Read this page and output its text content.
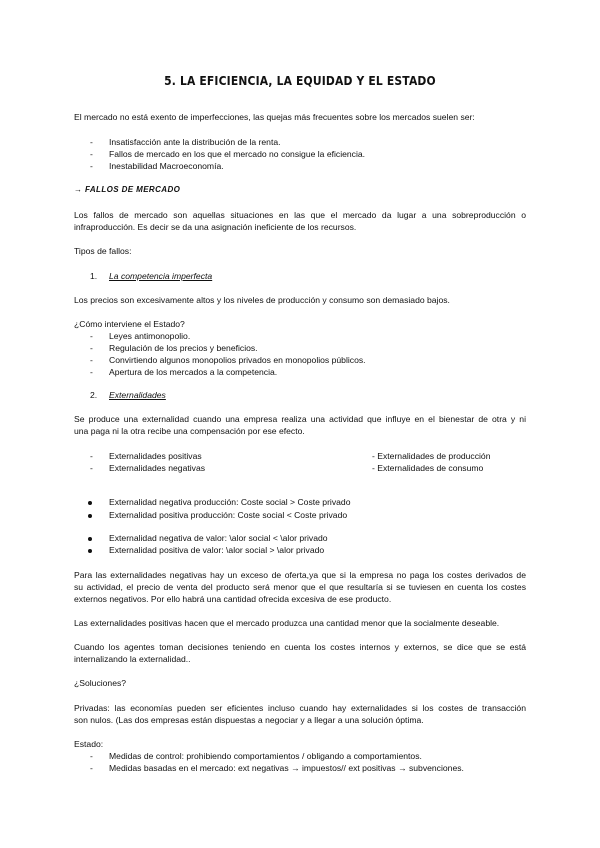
5. LA EFICIENCIA, LA EQUIDAD Y EL ESTADO
El mercado no está exento de imperfecciones, las quejas más frecuentes sobre los mercados suelen ser:
- Insatisfacción ante la distribución de la renta.
- Fallos de mercado en los que el mercado no consigue la eficiencia.
- Inestabilidad Macroeconomía.
→ FALLOS DE MERCADO
Los fallos de mercado son aquellas situaciones en las que el mercado da lugar a una sobreproducción o
infraproducción. Es decir se da una asignación ineficiente de los recursos.
Tipos de fallos:
1. La competencia imperfecta
Los precios son excesivamente altos y los niveles de producción y consumo son demasiado bajos.
¿Cómo interviene el Estado?
- Leyes antimonopolio.
- Regulación de los precios y beneficios.
- Convirtiendo algunos monopolios privados en monopolios públicos.
- Apertura de los mercados a la competencia.
2. Externalidades
Se produce una externalidad cuando una empresa realiza una actividad que influye en el bienestar de otra y ni
una paga ni la otra recibe una compensación por ese efecto.
- Externalidades positivas
- Externalidades negativas
- Externalidades de producción
- Externalidades de consumo
Externalidad negativa producción: Coste social > Coste privado
Externalidad positiva producción: Coste social < Coste privado
Externalidad negativa de valor: \alor social < \alor privado
Externalidad positiva de valor: \alor social > \alor privado
Para las externalidades negativas hay un exceso de oferta,ya que si la empresa no paga los costes derivados de
su actividad, el precio de venta del producto será menor que el que resultaría si se tuviesen en cuenta los costes
externos negativos. Por ello habrá una cantidad ofrecida excesiva de ese producto.
Las externalidades positivas hacen que el mercado produzca una cantidad menor que la socialmente deseable.
Cuando los agentes toman decisiones teniendo en cuenta los costes internos y externos, se dice que se está
internalizando la externalidad..
¿Soluciones?
Privadas: las economías pueden ser eficientes incluso cuando hay externalidades si los costes de transacción
son nulos. (Las dos empresas están dispuestas a negociar y a llegar a una solución óptima.
Estado:
- Medidas de control: prohibiendo comportamientos / obligando a comportamientos.
- Medidas basadas en el mercado: ext negativas → impuestos// ext positivas → subvenciones.
